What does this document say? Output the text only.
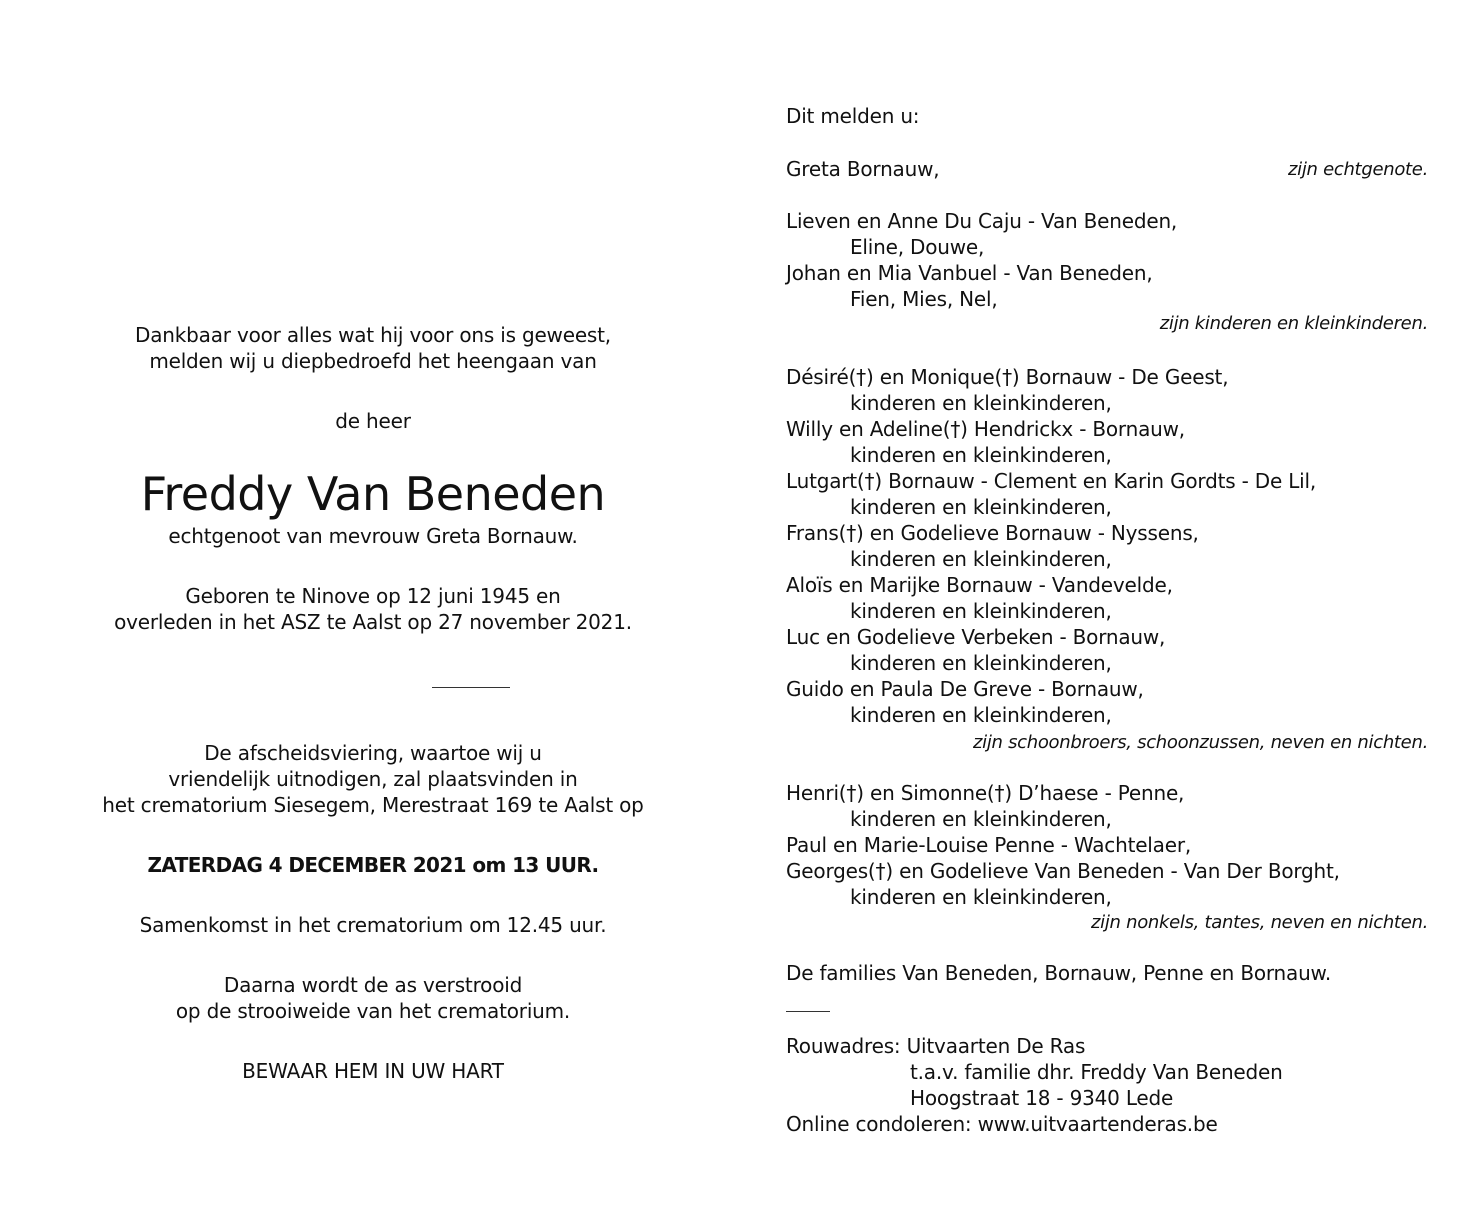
Dankbaar voor alles wat hij voor ons is geweest,
melden wij u diepbedroefd het heengaan van
de heer
Freddy Van Beneden
echtgenoot van mevrouw Greta Bornauw.
Geboren te Ninove op 12 juni 1945 en
overleden in het ASZ te Aalst op 27 november 2021.
De afscheidsviering, waartoe wij u
vriendelijk uitnodigen, zal plaatsvinden in
het crematorium Siesegem, Merestraat 169 te Aalst op
ZATERDAG 4 DECEMBER 2021 om 13 UUR.
Samenkomst in het crematorium om 12.45 uur.
Daarna wordt de as verstrooid
op de strooiweide van het crematorium.
BEWAAR HEM IN UW HART
Dit melden u:
Greta Bornauw,	zijn echtgenote.
Lieven en Anne Du Caju - Van Beneden,
Eline, Douwe,
Johan en Mia Vanbuel - Van Beneden,
Fien, Mies, Nel,
zijn kinderen en kleinkinderen.
Désiré(†) en Monique(†) Bornauw - De Geest,
kinderen en kleinkinderen,
Willy en Adeline(†) Hendrickx - Bornauw,
kinderen en kleinkinderen,
Lutgart(†) Bornauw - Clement en Karin Gordts - De Lil,
kinderen en kleinkinderen,
Frans(†) en Godelieve Bornauw - Nyssens,
kinderen en kleinkinderen,
Aloïs en Marijke Bornauw - Vandevelde,
kinderen en kleinkinderen,
Luc en Godelieve Verbeken - Bornauw,
kinderen en kleinkinderen,
Guido en Paula De Greve - Bornauw,
kinderen en kleinkinderen,
zijn schoonbroers, schoonzussen, neven en nichten.
Henri(†) en Simonne(†) D’haese - Penne,
kinderen en kleinkinderen,
Paul en Marie-Louise Penne - Wachtelaer,
Georges(†) en Godelieve Van Beneden - Van Der Borght,
kinderen en kleinkinderen,
zijn nonkels, tantes, neven en nichten.
De families Van Beneden, Bornauw, Penne en Bornauw.
Rouwadres: Uitvaarten De Ras
t.a.v. familie dhr. Freddy Van Beneden
Hoogstraat 18 - 9340 Lede
Online condoleren: www.uitvaartenderas.be
